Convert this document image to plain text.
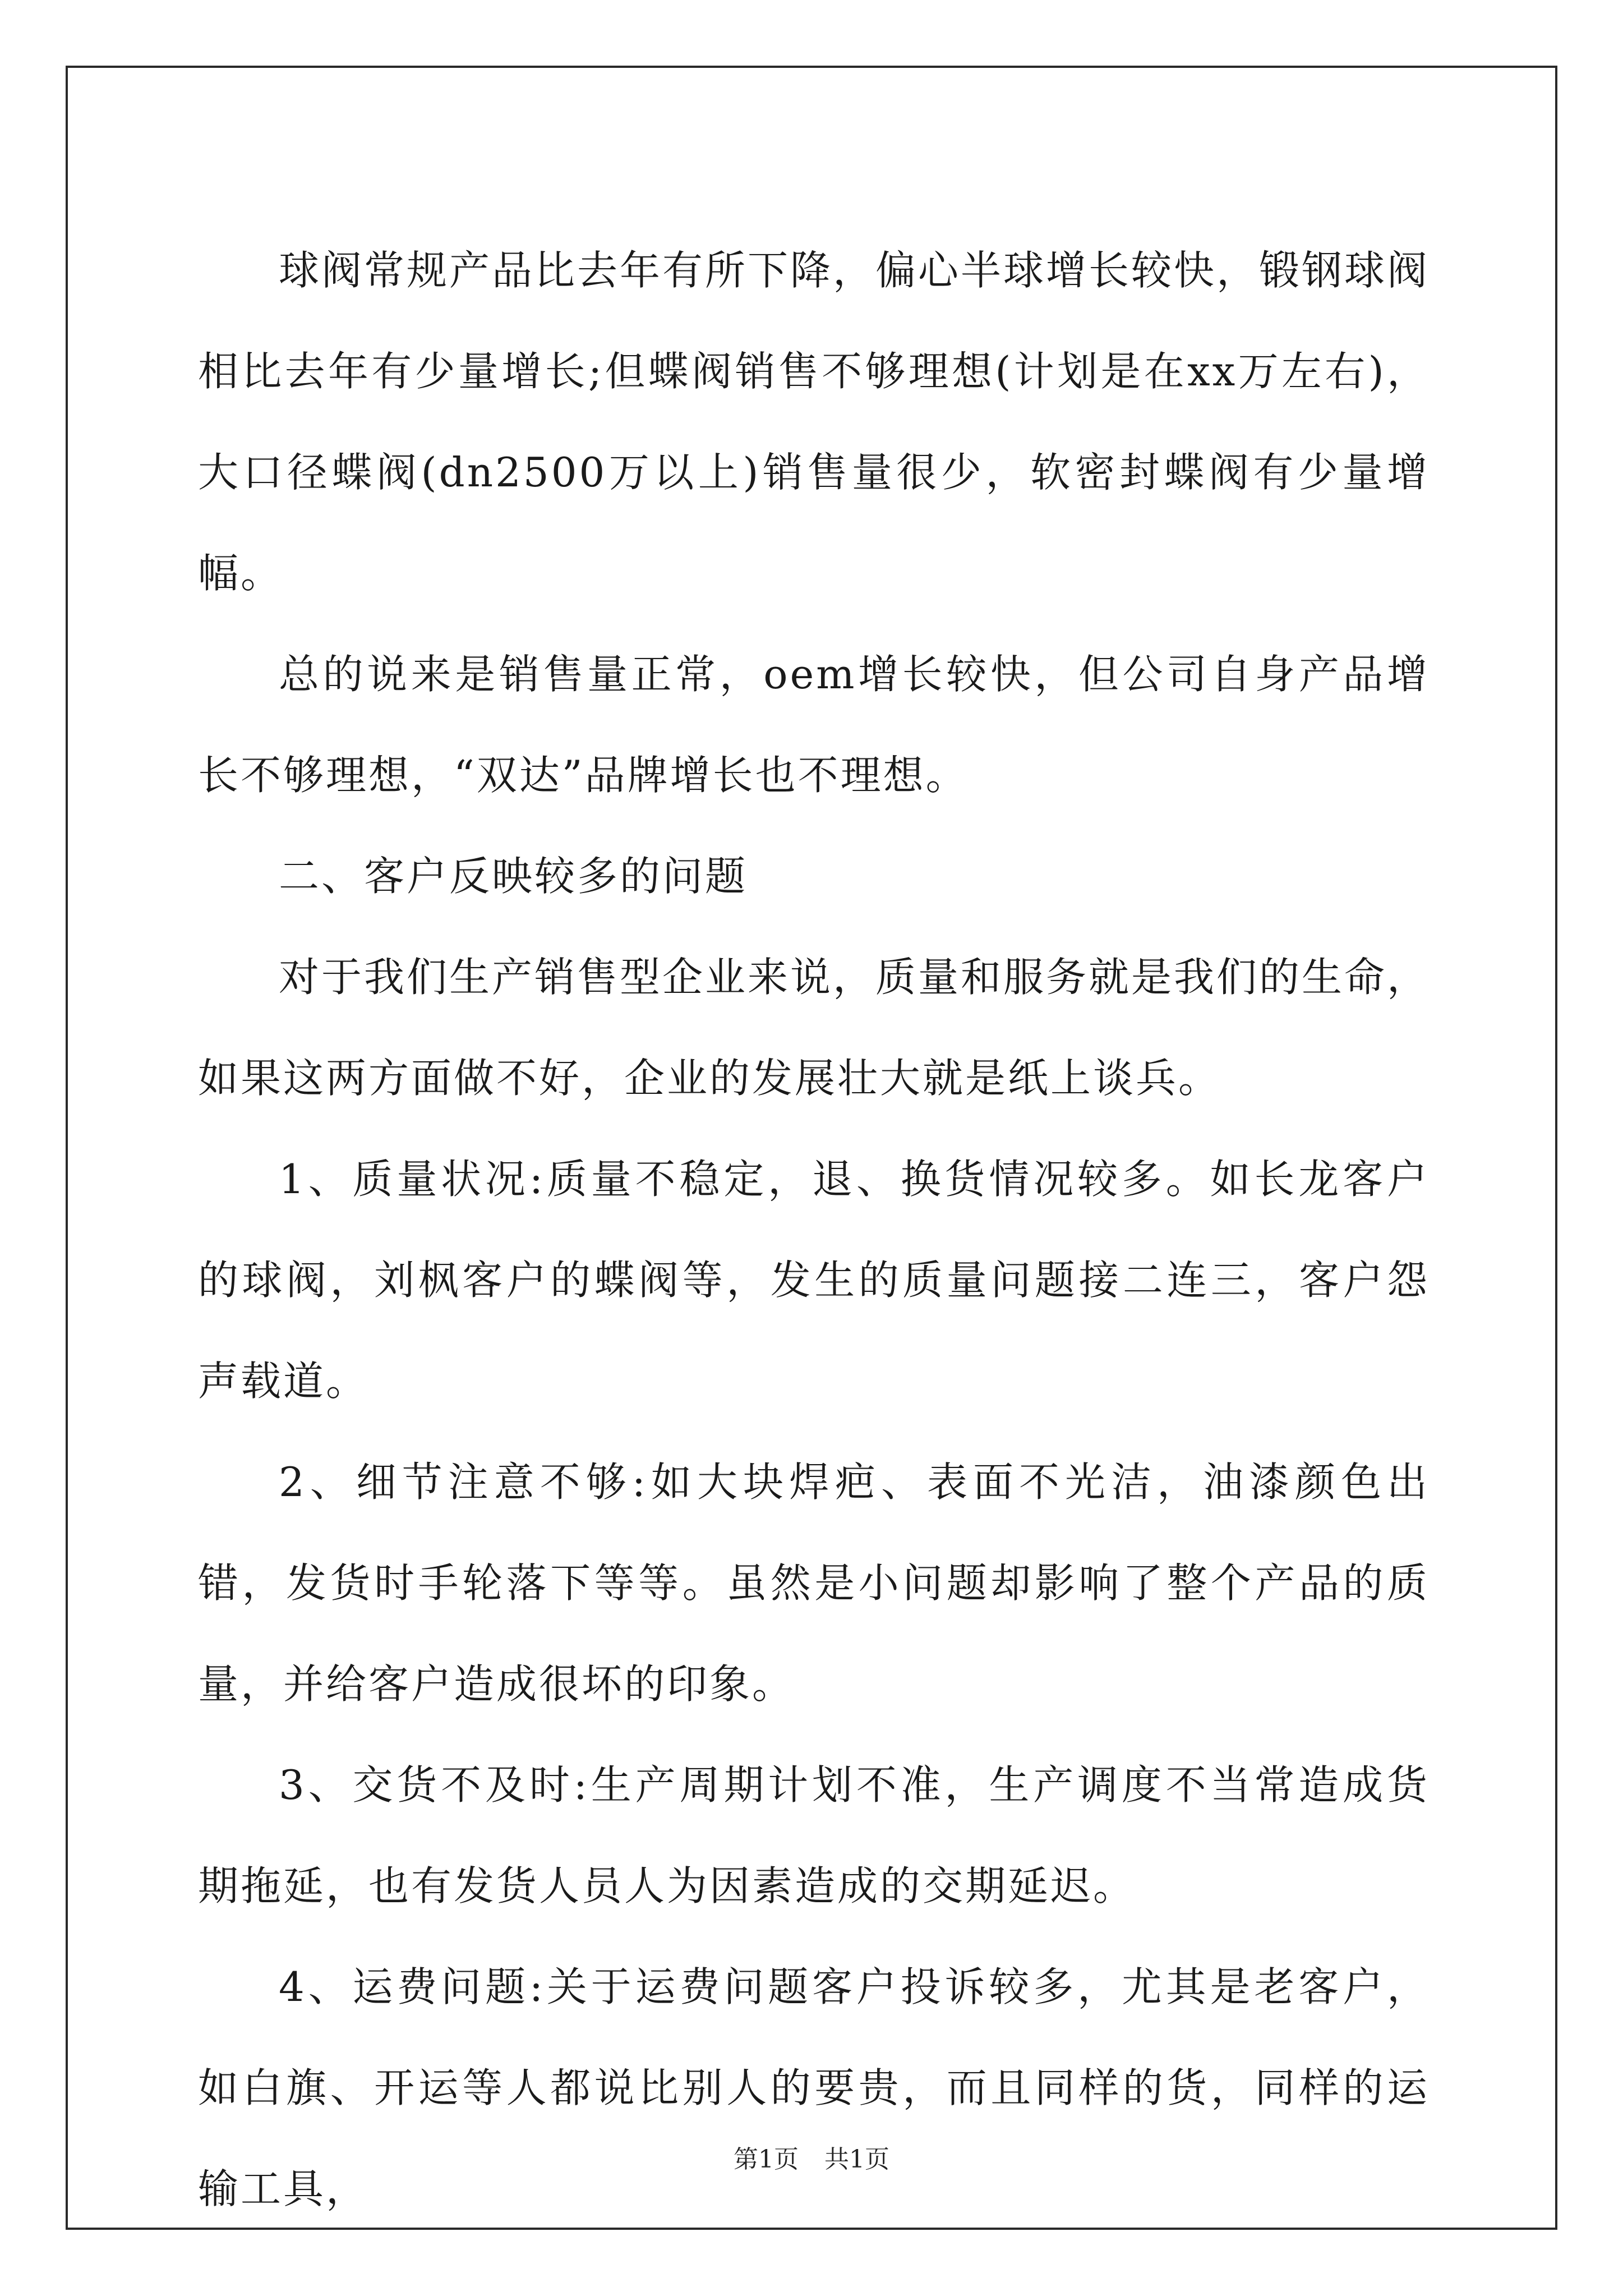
球阀常规产品比去年有所下降，偏心半球增长较快，锻钢球阀相比去年有少量增长;但蝶阀销售不够理想(计划是在xx万左右)，大口径蝶阀(dn2500万以上)销售量很少，软密封蝶阀有少量增幅。

总的说来是销售量正常，oem增长较快，但公司自身产品增长不够理想，“双达”品牌增长也不理想。

二、客户反映较多的问题

对于我们生产销售型企业来说，质量和服务就是我们的生命，如果这两方面做不好，企业的发展壮大就是纸上谈兵。

1、质量状况:质量不稳定，退、换货情况较多。如长龙客户的球阀，刘枫客户的蝶阀等，发生的质量问题接二连三，客户怨声载道。

2、细节注意不够:如大块焊疤、表面不光洁，油漆颜色出错，发货时手轮落下等等。虽然是小问题却影响了整个产品的质量，并给客户造成很坏的印象。

3、交货不及时:生产周期计划不准，生产调度不当常造成货期拖延，也有发货人员人为因素造成的交期延迟。

4、运费问题:关于运费问题客户投诉较多，尤其是老客户，如白旗、开运等人都说比别人的要贵，而且同样的货，同样的运输工具，

第1页 共1页
